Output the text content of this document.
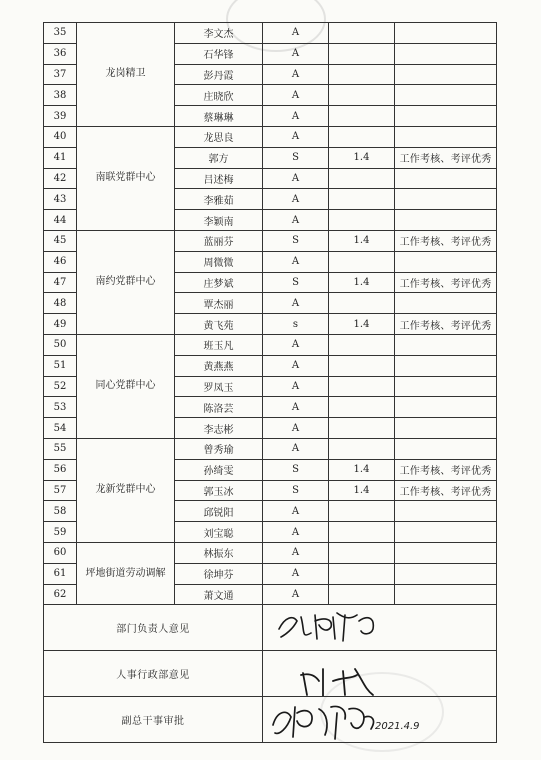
35	龙岗精卫	李文杰	A		
36		石华锋	A		
37		彭丹霞	A		
38		庄晓欣	A		
39		蔡琳琳	A		
40	南联党群中心	龙思良	A		
41		郭方	S	1.4	工作考核、考评优秀
42		吕述梅	A		
43		李雅茹	A		
44		李颖南	A		
45	南约党群中心	蓝丽芬	S	1.4	工作考核、考评优秀
46		周微微	A		
47		庄梦斌	S	1.4	工作考核、考评优秀
48		覃杰丽	A		
49		黄飞苑	s	1.4	工作考核、考评优秀
50	同心党群中心	班玉凡	A		
51		黄燕燕	A		
52		罗凤玉	A		
53		陈洛芸	A		
54		李志彬	A		
55	龙新党群中心	曾秀瑜	A		
56		孙绮雯	S	1.4	工作考核、考评优秀
57		郭玉冰	S	1.4	工作考核、考评优秀
58		邱锐阳	A		
59		刘宝聪	A		
60	坪地街道劳动调解	林振东	A		
61		徐坤芬	A		
62		萧文通	A		
部门负责人意见	

人事行政部意见	

副总干事审批			2021.4.9		
